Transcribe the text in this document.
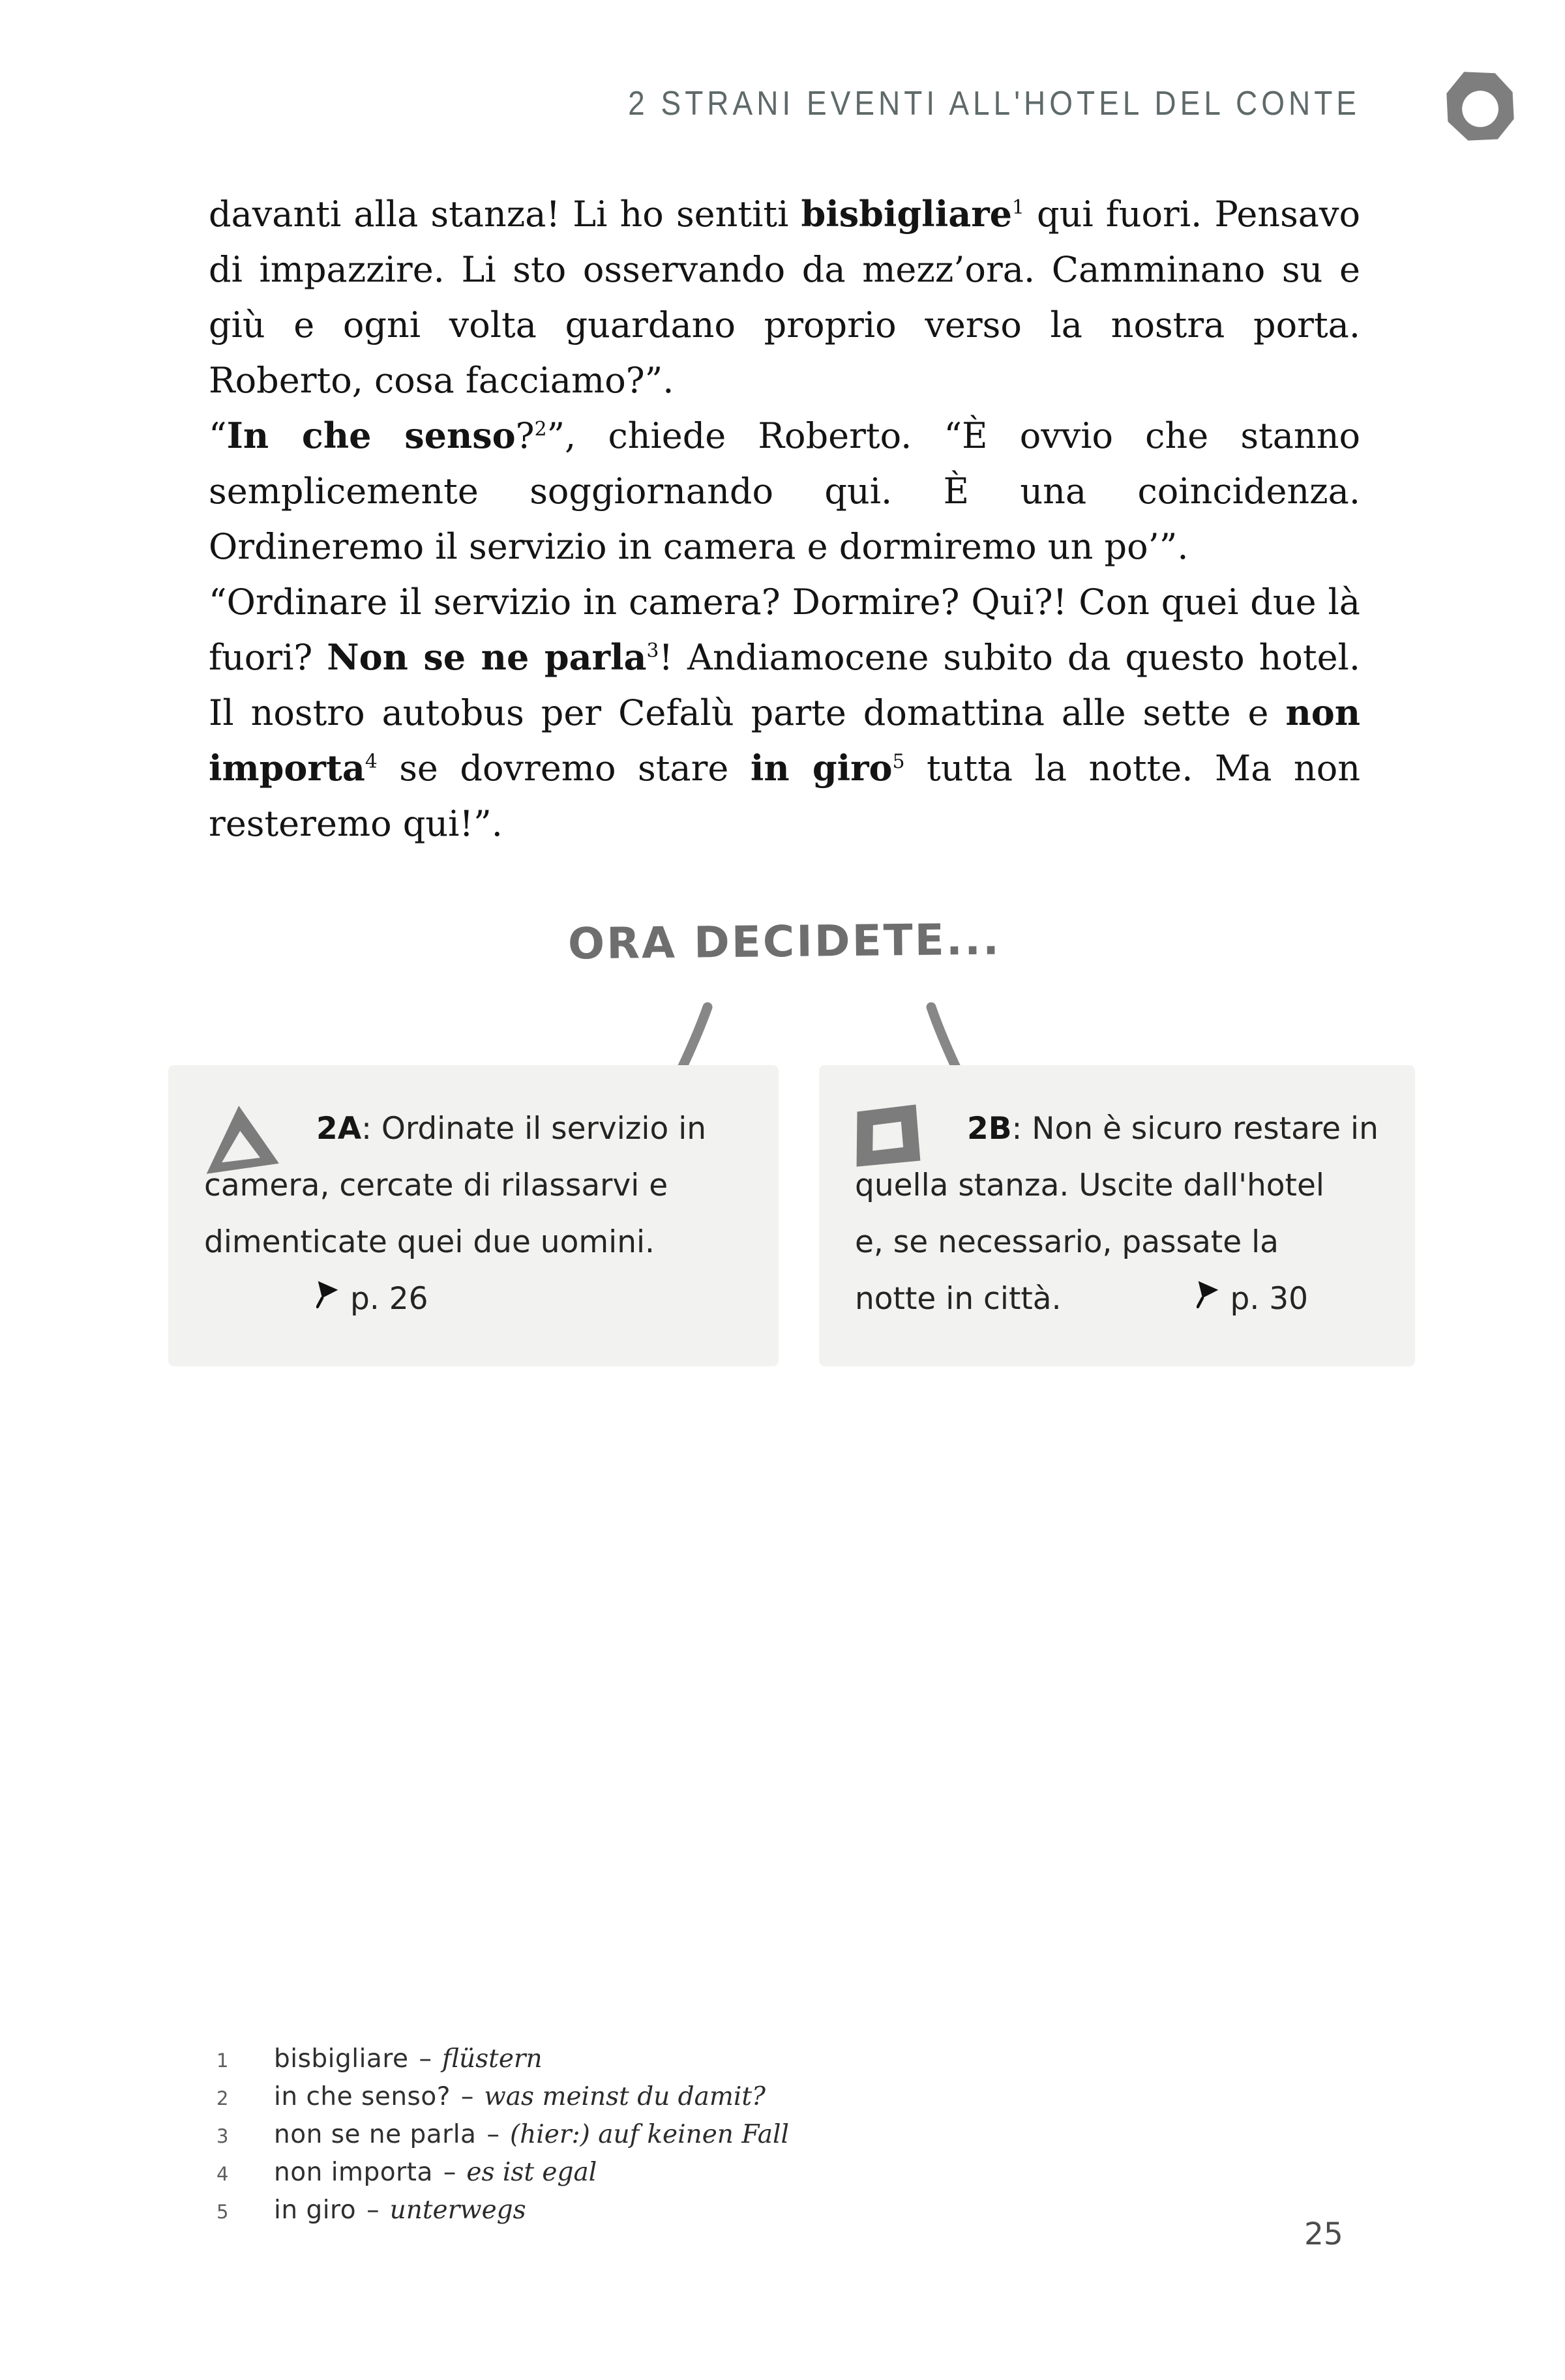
2 STRANI EVENTI ALL'HOTEL DEL CONTE

davanti alla stanza! Li ho sentiti bisbigliare$^1$ qui fuori. Pensavo di impazzire. Li sto osservando da mezz’ora. Camminano su e giù e ogni volta guardano proprio verso la nostra porta. Roberto, cosa facciamo?”.

“In che senso?$^2$”, chiede Roberto. “È ovvio che stanno semplicemente soggiornando qui. È una coincidenza. Ordineremo il servizio in camera e dormiremo un po’”.

“Ordinare il servizio in camera? Dormire? Qui?! Con quei due là fuori? Non se ne parla$^3$! Andiamocene subito da questo hotel. Il nostro autobus per Cefalù parte domattina alle sette e non importa$^4$ se dovremo stare in giro$^5$ tutta la notte. Ma non resteremo qui!”.

ORA DECIDETE...

2A: Ordinate il servizio in
camera, cercate di rilassarvi e
dimenticate quei due uomini.
p. 26

2B: Non è sicuro restare in
quella stanza. Uscite dall'hotel
e, se necessario, passate la
notte in città.	p. 30

1	bisbigliare – flüstern
2	in che senso? – was meinst du damit?
3	non se ne parla – (hier:) auf keinen Fall
4	non importa – es ist egal
5	in giro – unterwegs
25
